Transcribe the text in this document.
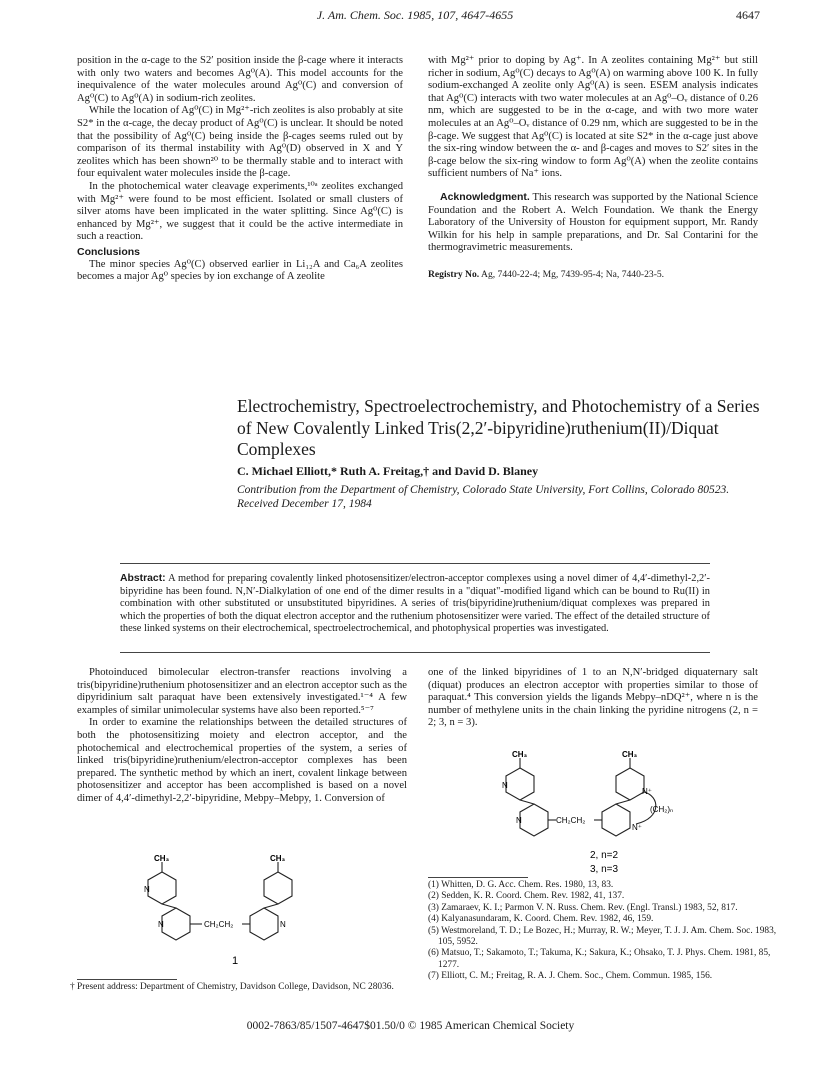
J. Am. Chem. Soc. 1985, 107, 4647-4655	4647

position in the α-cage to the S2′ position inside the β-cage where it interacts with only two waters and becomes Ag⁰(A). This model accounts for the inequivalence of the water molecules around Ag⁰(C) and conversion of Ag⁰(C) to Ag⁰(A) in sodium-rich zeolites.

While the location of Ag⁰(C) in Mg²⁺-rich zeolites is also probably at site S2* in the α-cage, the decay product of Ag⁰(C) is unclear. It should be noted that the possibility of Ag⁰(C) being inside the β-cages seems ruled out by comparison of its thermal instability with Ag⁰(D) observed in X and Y zeolites which has been shown²⁰ to be thermally stable and to interact with four equivalent water molecules inside the β-cage.

In the photochemical water cleavage experiments,¹⁰ᵃ zeolites exchanged with Mg²⁺ were found to be most efficient. Isolated or small clusters of silver atoms have been implicated in the water splitting. Since Ag⁰(C) is enhanced by Mg²⁺, we suggest that it could be the active intermediate in such a reaction.

Conclusions

The minor species Ag⁰(C) observed earlier in Li₁₂A and Ca₆A zeolites becomes a major Ag⁰ species by ion exchange of A zeolite

with Mg²⁺ prior to doping by Ag⁺. In A zeolites containing Mg²⁺ but still richer in sodium, Ag⁰(C) decays to Ag⁰(A) on warming above 100 K. In fully sodium-exchanged A zeolite only Ag⁰(A) is seen. ESEM analysis indicates that Ag⁰(C) interacts with two water molecules at an Ag⁰–Oᵥ distance of 0.26 nm, which are suggested to be in the α-cage, and with two more water molecules at an Ag⁰–Oᵥ distance of 0.29 nm, which are suggested to be in the β-cage. We suggest that Ag⁰(C) is located at site S2* in the α-cage just above the six-ring window between the α- and β-cages and moves to S2′ sites in the β-cage below the six-ring window to form Ag⁰(A) when the zeolite contains sufficient numbers of Na⁺ ions.

Acknowledgment. This research was supported by the National Science Foundation and the Robert A. Welch Foundation. We thank the Energy Laboratory of the University of Houston for equipment support, Mr. Randy Wilkin for his help in sample preparations, and Dr. Sal Contarini for the thermogravimetric measurements.

Registry No. Ag, 7440-22-4; Mg, 7439-95-4; Na, 7440-23-5.

Electrochemistry, Spectroelectrochemistry, and Photochemistry of a Series of New Covalently Linked Tris(2,2′-bipyridine)ruthenium(II)/Diquat Complexes
C. Michael Elliott,* Ruth A. Freitag,† and David D. Blaney
Contribution from the Department of Chemistry, Colorado State University, Fort Collins, Colorado 80523. Received December 17, 1984
Abstract: A method for preparing covalently linked photosensitizer/electron-acceptor complexes using a novel dimer of 4,4′-dimethyl-2,2′-bipyridine has been found. N,N′-Dialkylation of one end of the dimer results in a "diquat"-modified ligand which can be bound to Ru(II) in combination with other substituted or unsubstituted bipyridines. A series of tris(bipyridine)ruthenium/diquat complexes was prepared in which the properties of both the diquat electron acceptor and the ruthenium photosensitizer were varied. The effect of the detailed structure of these linked systems on their electrochemical, spectroelectrochemical, and photophysical properties was investigated.

Photoinduced bimolecular electron-transfer reactions involving a tris(bipyridine)ruthenium photosensitizer and an electron acceptor such as the dipyridinium salt paraquat have been extensively investigated.¹⁻⁴ A few examples of similar unimolecular systems have also been reported.⁵⁻⁷

In order to examine the relationships between the detailed structures of both the photosensitizing moiety and electron acceptor, and the photochemical and electrochemical properties of the system, a series of linked tris(bipyridine)ruthenium/electron-acceptor complexes has been prepared. The synthetic method by which an inert, covalent linkage between photosensitizer and acceptor has been accomplished is based on a novel dimer of 4,4′-dimethyl-2,2′-bipyridine, Mebpy–Mebpy, 1. Conversion of

one of the linked bipyridines of 1 to an N,N′-bridged diquaternary salt (diquat) produces an electron acceptor with properties similar to those of paraquat.⁴ This conversion yields the ligands Mebpy–nDQ²⁺, where n is the number of methylene units in the chain linking the pyridine nitrogens (2, n = 2; 3, n = 3).

CH₃	CH₃
CH₂CH₂
N	N
N
1
CH₃	CH₃
CH₂CH₂
(CH₂)ₙ
N
N
N⁺
N⁺
2, n=2
3, n=3
(1) Whitten, D. G. Acc. Chem. Res. 1980, 13, 83.
(2) Sedden, K. R. Coord. Chem. Rev. 1982, 41, 137.
(3) Zamaraev, K. I.; Parmon V. N. Russ. Chem. Rev. (Engl. Transl.) 1983, 52, 817.
(4) Kalyanasundaram, K. Coord. Chem. Rev. 1982, 46, 159.
(5) Westmoreland, T. D.; Le Bozec, H.; Murray, R. W.; Meyer, T. J. J. Am. Chem. Soc. 1983, 105, 5952.
(6) Matsuo, T.; Sakamoto, T.; Takuma, K.; Sakura, K.; Ohsako, T. J. Phys. Chem. 1981, 85, 1277.
(7) Elliott, C. M.; Freitag, R. A. J. Chem. Soc., Chem. Commun. 1985, 156.
† Present address: Department of Chemistry, Davidson College, Davidson, NC 28036.
0002-7863/85/1507-4647$01.50/0 © 1985 American Chemical Society
